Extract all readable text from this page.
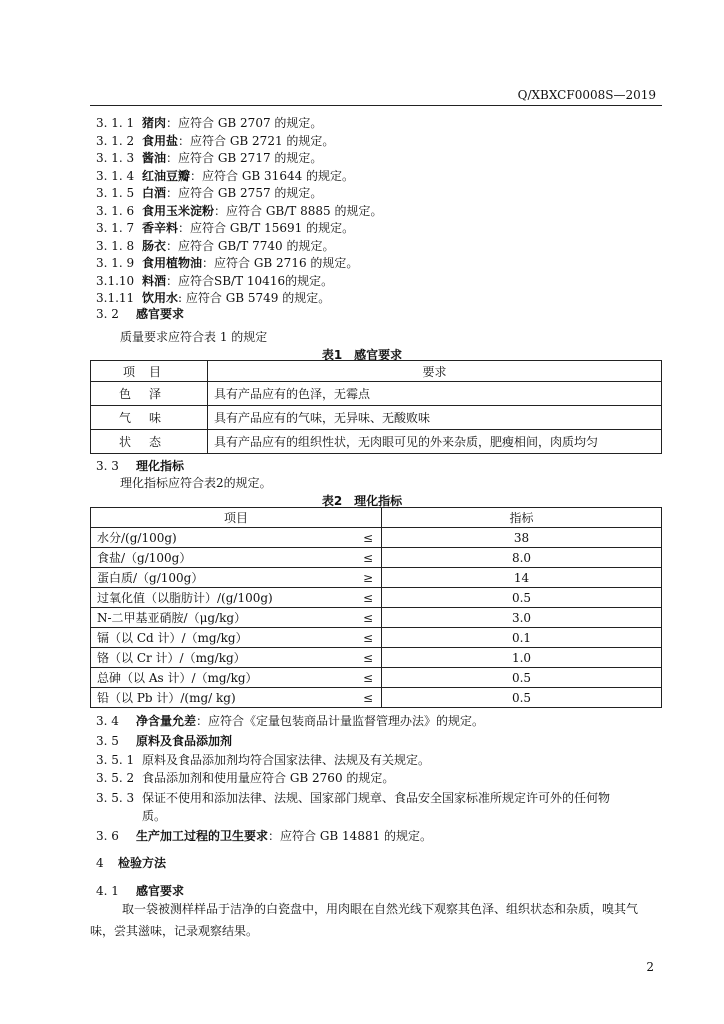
Q/XBXCF0008S—2019
3. 1. 1 猪肉：应符合 GB 2707 的规定。
3. 1. 2 食用盐：应符合 GB 2721 的规定。
3. 1. 3 酱油：应符合 GB 2717 的规定。
3. 1. 4 红油豆瓣：应符合 GB 31644 的规定。
3. 1. 5 白酒：应符合 GB 2757 的规定。
3. 1. 6 食用玉米淀粉：应符合 GB/T 8885 的规定。
3. 1. 7 香辛料：应符合 GB/T 15691 的规定。
3. 1. 8 肠衣：应符合 GB/T 7740 的规定。
3. 1. 9 食用植物油：应符合 GB 2716 的规定。
3.1.10 料酒：应符合SB/T 10416的规定。
3.1.11 饮用水: 应符合 GB 5749 的规定。
3. 2 感官要求
质量要求应符合表 1 的规定
表1　感官要求
项目	要求
色泽	具有产品应有的色泽，无霉点
气味	具有产品应有的气味，无异味、无酸败味
状态	具有产品应有的组织性状，无肉眼可见的外来杂质，肥瘦相间，肉质均匀
3. 3 理化指标
理化指标应符合表2的规定。
表2　理化指标
项目		指标
水分/(g/100g)	≤	38
食盐/（g/100g）	≤	8.0
蛋白质/（g/100g）	≥	14
过氧化值（以脂肪计）/(g/100g)	≤	0.5
N-二甲基亚硝胺/（μg/kg）	≤	3.0
镉（以 Cd 计）/（mg/kg）	≤	0.1
铬（以 Cr 计）/（mg/kg）	≤	1.0
总砷（以 As 计）/（mg/kg）	≤	0.5
铅（以 Pb 计）/(mg/ kg)	≤	0.5
3. 4 净含量允差：应符合《定量包装商品计量监督管理办法》的规定。
3. 5 原料及食品添加剂
3. 5. 1 原料及食品添加剂均符合国家法律、法规及有关规定。
3. 5. 2 食品添加剂和使用量应符合 GB 2760 的规定。
3. 5. 3 保证不使用和添加法律、法规、国家部门规章、食品安全国家标准所规定许可外的任何物
质。
3. 6 生产加工过程的卫生要求：应符合 GB 14881 的规定。
4 检验方法
4. 1 感官要求
取一袋被测样样品于洁净的白瓷盘中，用肉眼在自然光线下观察其色泽、组织状态和杂质，嗅其气味，尝其滋味，记录观察结果。
2
